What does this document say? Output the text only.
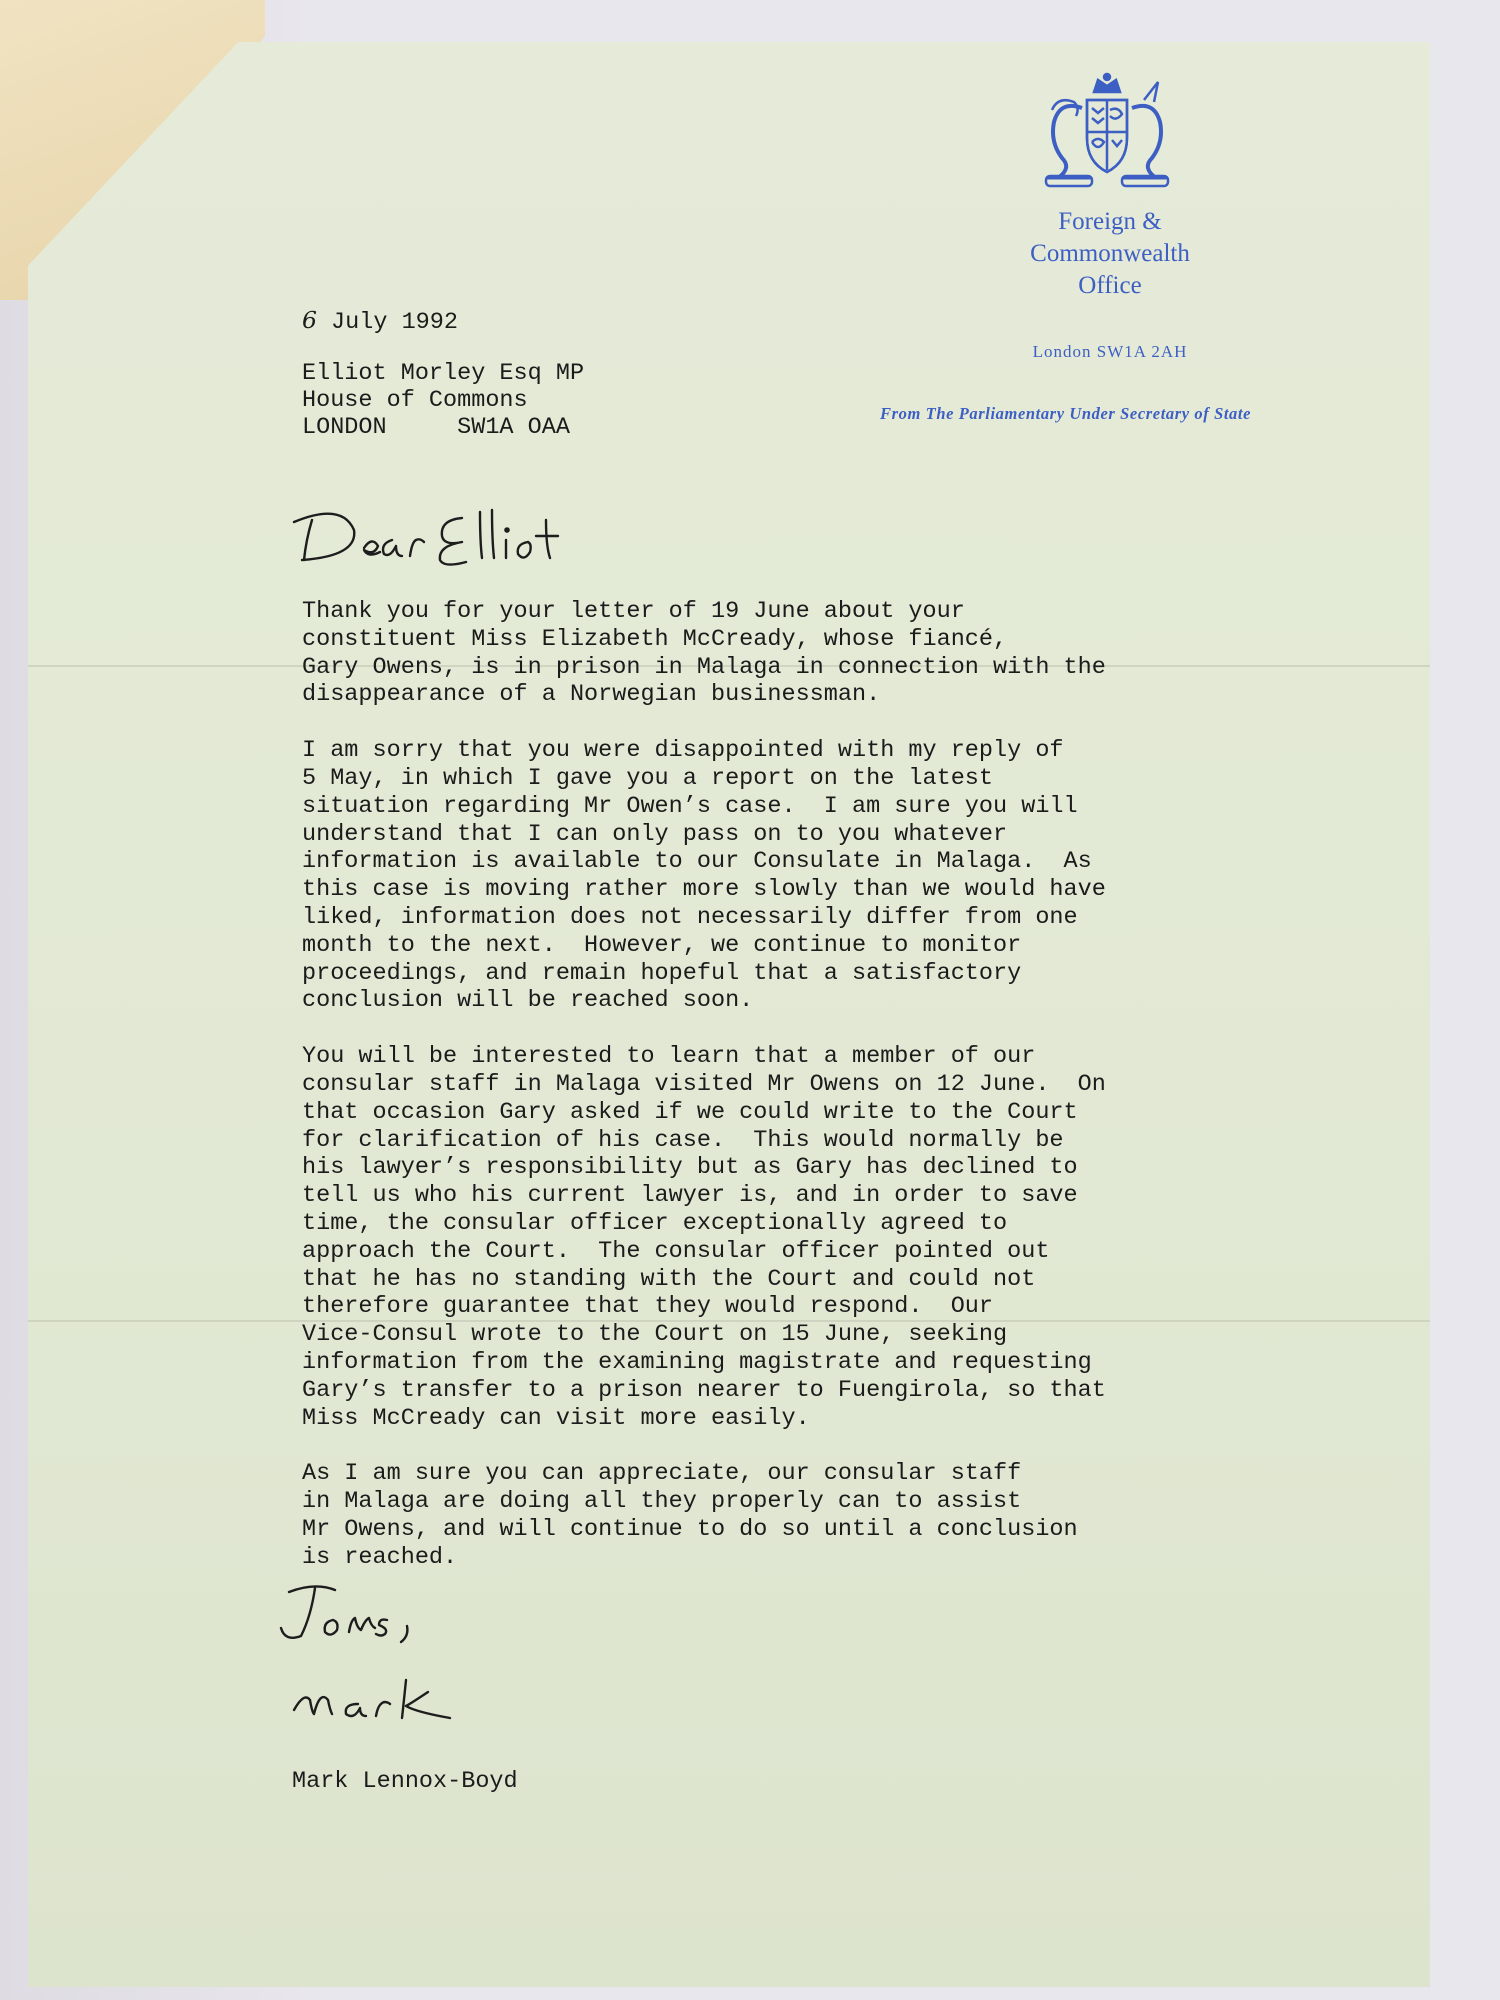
Foreign &
Commonwealth
Office
London SW1A 2AH
From The Parliamentary Under Secretary of State
6 July 1992
Elliot Morley Esq MP
House of Commons
LONDON     SW1A OAA

Thank you for your letter of 19 June about your
constituent Miss Elizabeth McCready, whose fiancé,
Gary Owens, is in prison in Malaga in connection with the
disappearance of a Norwegian businessman.

I am sorry that you were disappointed with my reply of
5 May, in which I gave you a report on the latest
situation regarding Mr Owen’s case.  I am sure you will
understand that I can only pass on to you whatever
information is available to our Consulate in Malaga.  As
this case is moving rather more slowly than we would have
liked, information does not necessarily differ from one
month to the next.  However, we continue to monitor
proceedings, and remain hopeful that a satisfactory
conclusion will be reached soon.

You will be interested to learn that a member of our
consular staff in Malaga visited Mr Owens on 12 June.  On
that occasion Gary asked if we could write to the Court
for clarification of his case.  This would normally be
his lawyer’s responsibility but as Gary has declined to
tell us who his current lawyer is, and in order to save
time, the consular officer exceptionally agreed to
approach the Court.  The consular officer pointed out
that he has no standing with the Court and could not
therefore guarantee that they would respond.  Our
Vice-Consul wrote to the Court on 15 June, seeking
information from the examining magistrate and requesting
Gary’s transfer to a prison nearer to Fuengirola, so that
Miss McCready can visit more easily.

As I am sure you can appreciate, our consular staff
in Malaga are doing all they properly can to assist
Mr Owens, and will continue to do so until a conclusion
is reached.

Mark Lennox-Boyd
